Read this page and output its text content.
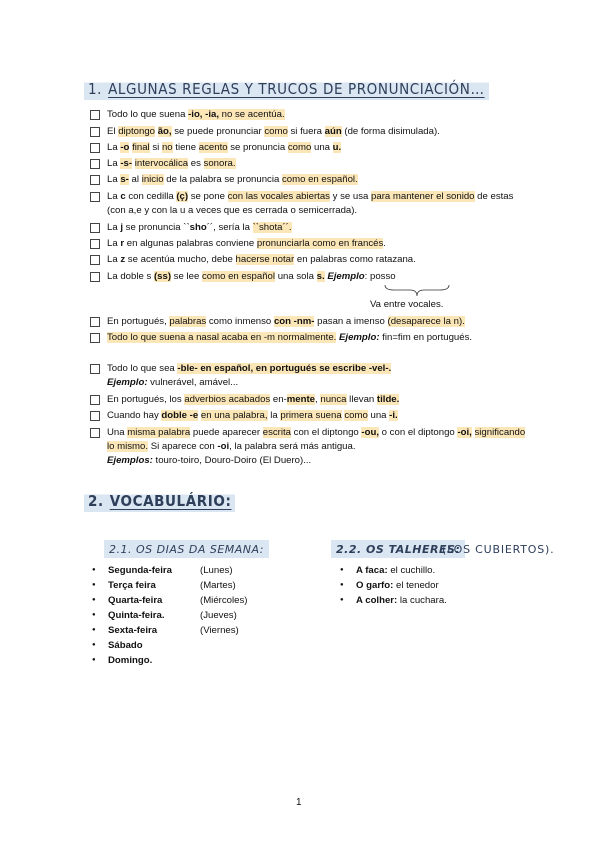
1. ALGUNAS REGLAS Y TRUCOS DE PRONUNCIACIÓN…
Todo lo que suena -io, -ia, no se acentúa.
El diptongo ão, se puede pronunciar como si fuera aún (de forma disimulada).
La -o final si no tiene acento se pronuncia como una u.
La -s- intervocálica es sonora.
La s- al inicio de la palabra se pronuncia como en español.
La c con cedilla (ç) se pone con las vocales abiertas y se usa para mantener el sonido de estas (con a,e y con la u a veces que es cerrada o semicerrada).
La j se pronuncia ``sho´´, sería la ``shota´´.
La r en algunas palabras conviene pronunciarla como en francés.
La z se acentúa mucho, debe hacerse notar en palabras como ratazana.
La doble s (ss) se lee como en español una sola s. Ejemplo: posso
En portugués, palabras como inmenso con -nm- pasan a imenso (desaparece la n).
Todo lo que suena a nasal acaba en -m normalmente. Ejemplo: fin=fim en portugués.
Todo lo que sea -ble- en español, en portugués se escribe -vel-.
Ejemplo: vulnerável, amável...
En portugués, los adverbios acabados en-mente, nunca llevan tilde.
Cuando hay doble -e en una palabra, la primera suena como una -i.
Una misma palabra puede aparecer escrita con el diptongo -ou, o con el diptongo -oi, significando lo mismo. Si aparece con -oi, la palabra será más antigua.
Ejemplos: touro-toiro, Douro-Doiro (El Duero)...
Va entre vocales.
2. VOCABULÁRIO:
2.1. OS DIAS DA SEMANA:	2.2. OS TALHERES:
(LOS CUBIERTOS).
● Segunda-feira	(Lunes)
● Terça feira	(Martes)
● Quarta-feira	(Miércoles)
● Quinta-feira.	(Jueves)
● Sexta-feira	(Viernes)
● Sábado
● Domingo.
● A faca: el cuchillo.
● O garfo: el tenedor
● A colher: la cuchara.
1
